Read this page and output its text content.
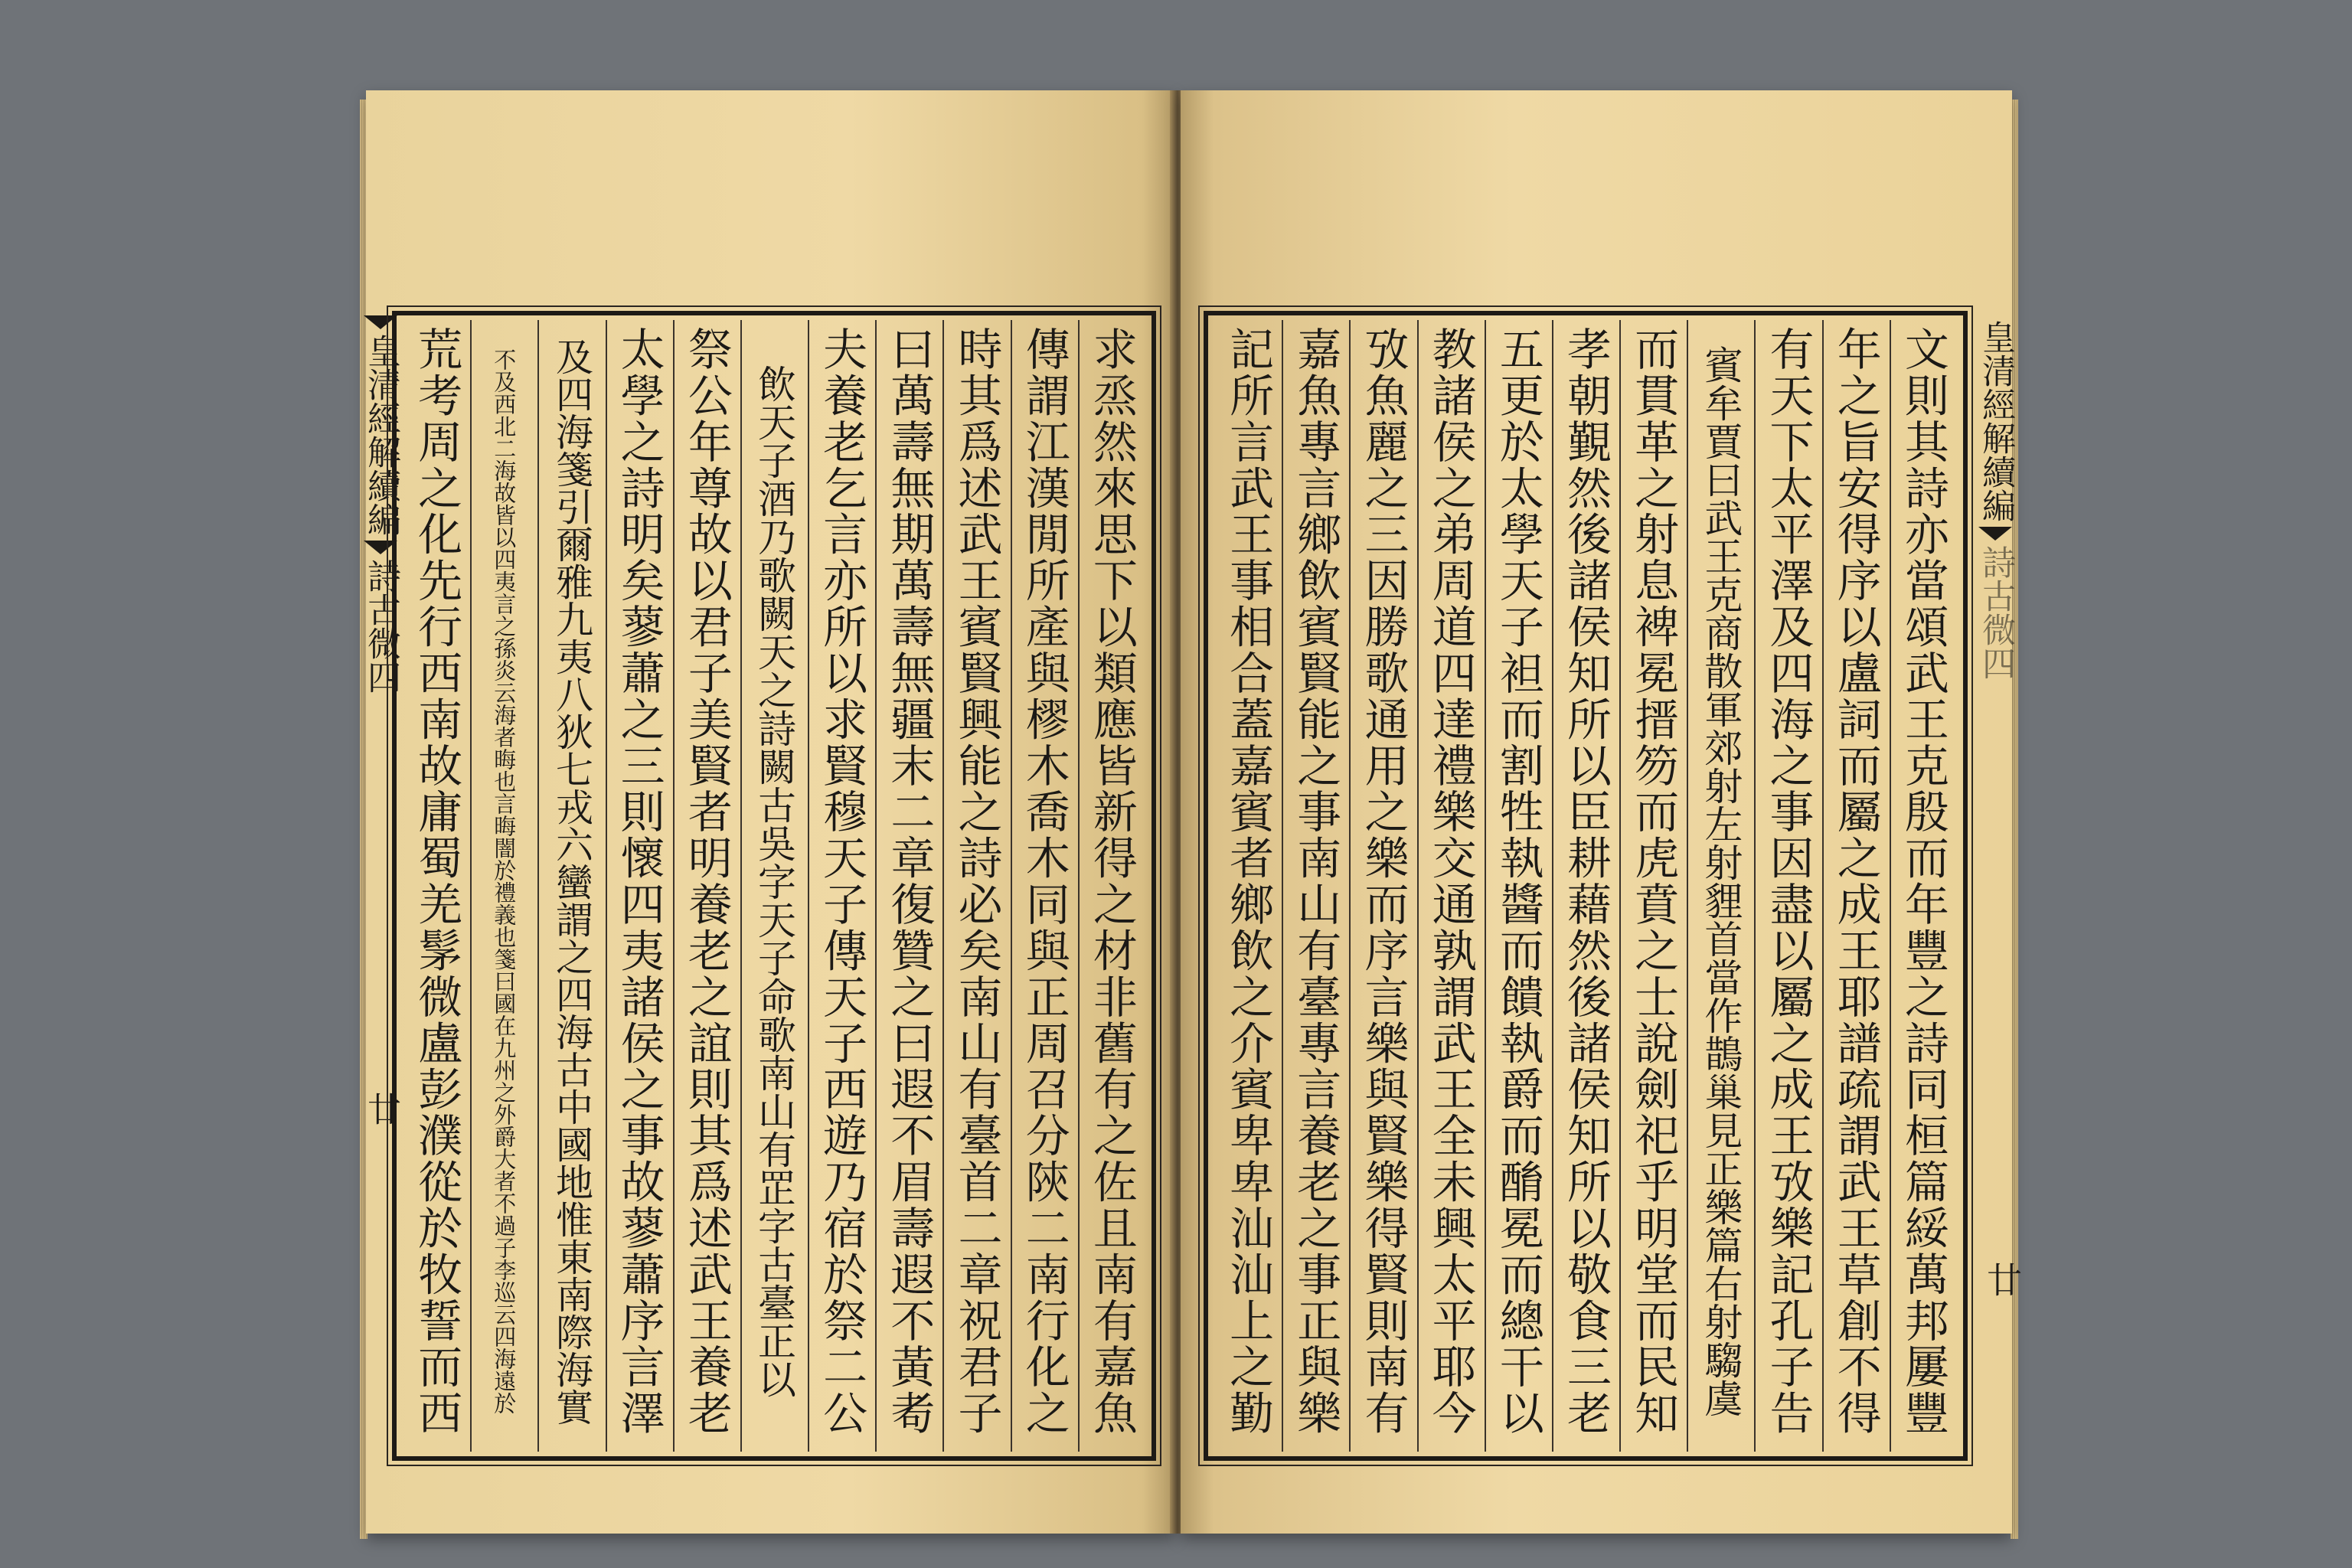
皇清經解續編
詩古微四
廿
皇清經解續編
詩古微四
廿
求烝然來思下以類應皆新得之材非舊有之佐且南有嘉魚
傳謂江漢閒所產與樛木喬木同與正周召分陝二南行化之
時其爲述武王賓賢興能之詩必矣南山有臺首二章祝君子
曰萬壽無期萬壽無疆末二章復贊之曰遐不眉壽遐不黃耇
夫養老乞言亦所以求賢穆天子傳天子西遊乃宿於祭二公
飲天子酒乃歌闕天之詩闕古吳字天子命歌南山有𦊆字古臺正以
祭公年尊故以君子美賢者明養老之誼則其爲述武王養老
太學之詩明矣蓼蕭之三則懷四夷諸侯之事故蓼蕭序言澤
及四海箋引爾雅九夷八狄七戎六蠻謂之四海古中國地惟東南際海實
不及西北二海故皆以四夷言之孫炎云海者晦也言晦闇於禮義也箋曰國在九州之外爵大者不過子李巡云四海遠於
荒考周之化先行西南故庸蜀羌髳微盧彭濮從於牧誓而西	文則其詩亦當頌武王克殷而年豐之詩同桓篇綏萬邦屢豐
年之旨安得序以盧詞而屬之成王耶譜疏謂武王草創不得
有天下太平澤及四海之事因盡以屬之成王攷樂記孔子告
賓牟賈曰武王克商散軍郊射左射貍首當作鵲巢見正樂篇右射騶虞
而貫革之射息裨冕搢笏而虎賁之士說劍祀乎明堂而民知
孝朝覲然後諸侯知所以臣耕藉然後諸侯知所以敬食三老
五更於太學天子袒而割牲執醬而饋執爵而酳冕而總干以
教諸侯之弟周道四達禮樂交通孰謂武王全未興太平耶今
攷魚麗之三因勝歌通用之樂而序言樂與賢樂得賢則南有
嘉魚專言鄉飲賓賢能之事南山有臺專言養老之事正與樂
記所言武王事相合蓋嘉賓者鄉飲之介賓卑卑汕汕上之勤
